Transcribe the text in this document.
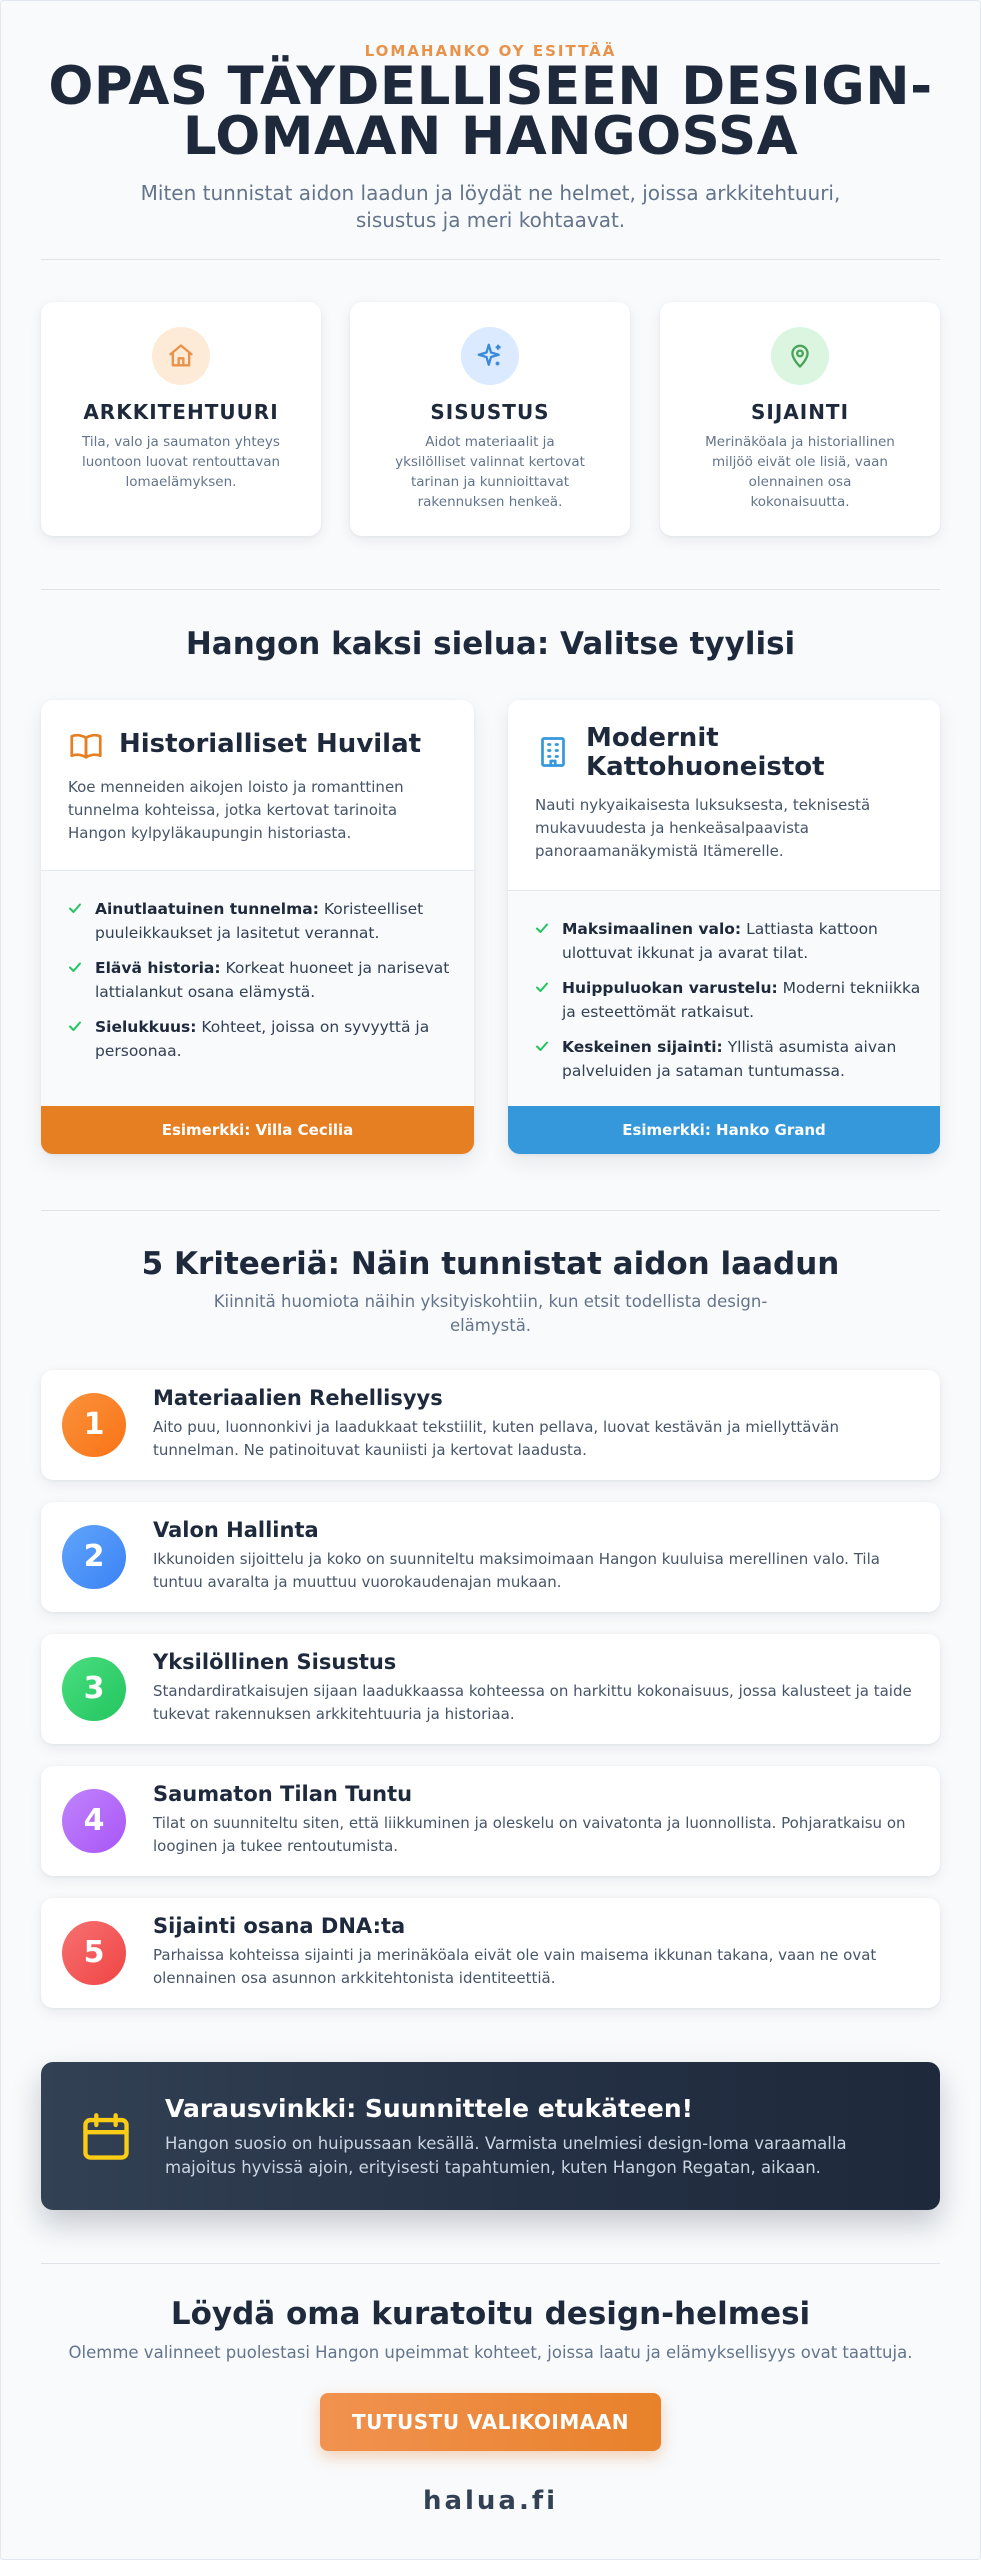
LOMAHANKO OY ESITTÄÄ
OPAS TÄYDELLISEEN DESIGN-
LOMAAN HANGOSSA

Miten tunnistat aidon laadun ja löydät ne helmet, joissa arkkitehtuuri, sisustus ja meri kohtaavat.

ARKKITEHTUURI

Tila, valo ja saumaton yhteys luontoon luovat rentouttavan lomaelämyksen.

SISUSTUS

Aidot materiaalit ja yksilölliset valinnat kertovat tarinan ja kunnioittavat rakennuksen henkeä.

SIJAINTI

Merinäköala ja historiallinen miljöö eivät ole lisiä, vaan olennainen osa kokonaisuutta.

Hangon kaksi sielua: Valitse tyylisi
Historialliset Huvilat

Koe menneiden aikojen loisto ja romanttinen tunnelma kohteissa, jotka kertovat tarinoita Hangon kylpyläkaupungin historiasta.

Ainutlaatuinen tunnelma: Koristeelliset puuleikkaukset ja lasitetut verannat.
Elävä historia: Korkeat huoneet ja narisevat lattialankut osana elämystä.
Sielukkuus: Kohteet, joissa on syvyyttä ja persoonaa.
Esimerkki: Villa Cecilia
Modernit Kattohuoneistot

Nauti nykyaikaisesta luksuksesta, teknisestä mukavuudesta ja henkeäsalpaavista panoraamanäkymistä Itämerelle.

Maksimaalinen valo: Lattiasta kattoon ulottuvat ikkunat ja avarat tilat.
Huippuluokan varustelu: Moderni tekniikka ja esteettömät ratkaisut.
Keskeinen sijainti: Yllistä asumista aivan palveluiden ja sataman tuntumassa.
Esimerkki: Hanko Grand
5 Kriteeriä: Näin tunnistat aidon laadun

Kiinnitä huomiota näihin yksityiskohtiin, kun etsit todellista design-elämystä.

1
Materiaalien Rehellisyys

Aito puu, luonnonkivi ja laadukkaat tekstiilit, kuten pellava, luovat kestävän ja miellyttävän tunnelman. Ne patinoituvat kauniisti ja kertovat laadusta.

2
Valon Hallinta

Ikkunoiden sijoittelu ja koko on suunniteltu maksimoimaan Hangon kuuluisa merellinen valo. Tila tuntuu avaralta ja muuttuu vuorokaudenajan mukaan.

3
Yksilöllinen Sisustus

Standardiratkaisujen sijaan laadukkaassa kohteessa on harkittu kokonaisuus, jossa kalusteet ja taide tukevat rakennuksen arkkitehtuuria ja historiaa.

4
Saumaton Tilan Tuntu

Tilat on suunniteltu siten, että liikkuminen ja oleskelu on vaivatonta ja luonnollista. Pohjaratkaisu on looginen ja tukee rentoutumista.

5
Sijainti osana DNA:ta

Parhaissa kohteissa sijainti ja merinäköala eivät ole vain maisema ikkunan takana, vaan ne ovat olennainen osa asunnon arkkitehtonista identiteettiä.

Varausvinkki: Suunnittele etukäteen!

Hangon suosio on huipussaan kesällä. Varmista unelmiesi design-loma varaamalla majoitus hyvissä ajoin, erityisesti tapahtumien, kuten Hangon Regatan, aikaan.

Löydä oma kuratoitu design-helmesi

Olemme valinneet puolestasi Hangon upeimmat kohteet, joissa laatu ja elämyksellisyys ovat taattuja.

TUTUSTU VALIKOIMAAN
halua.fi
